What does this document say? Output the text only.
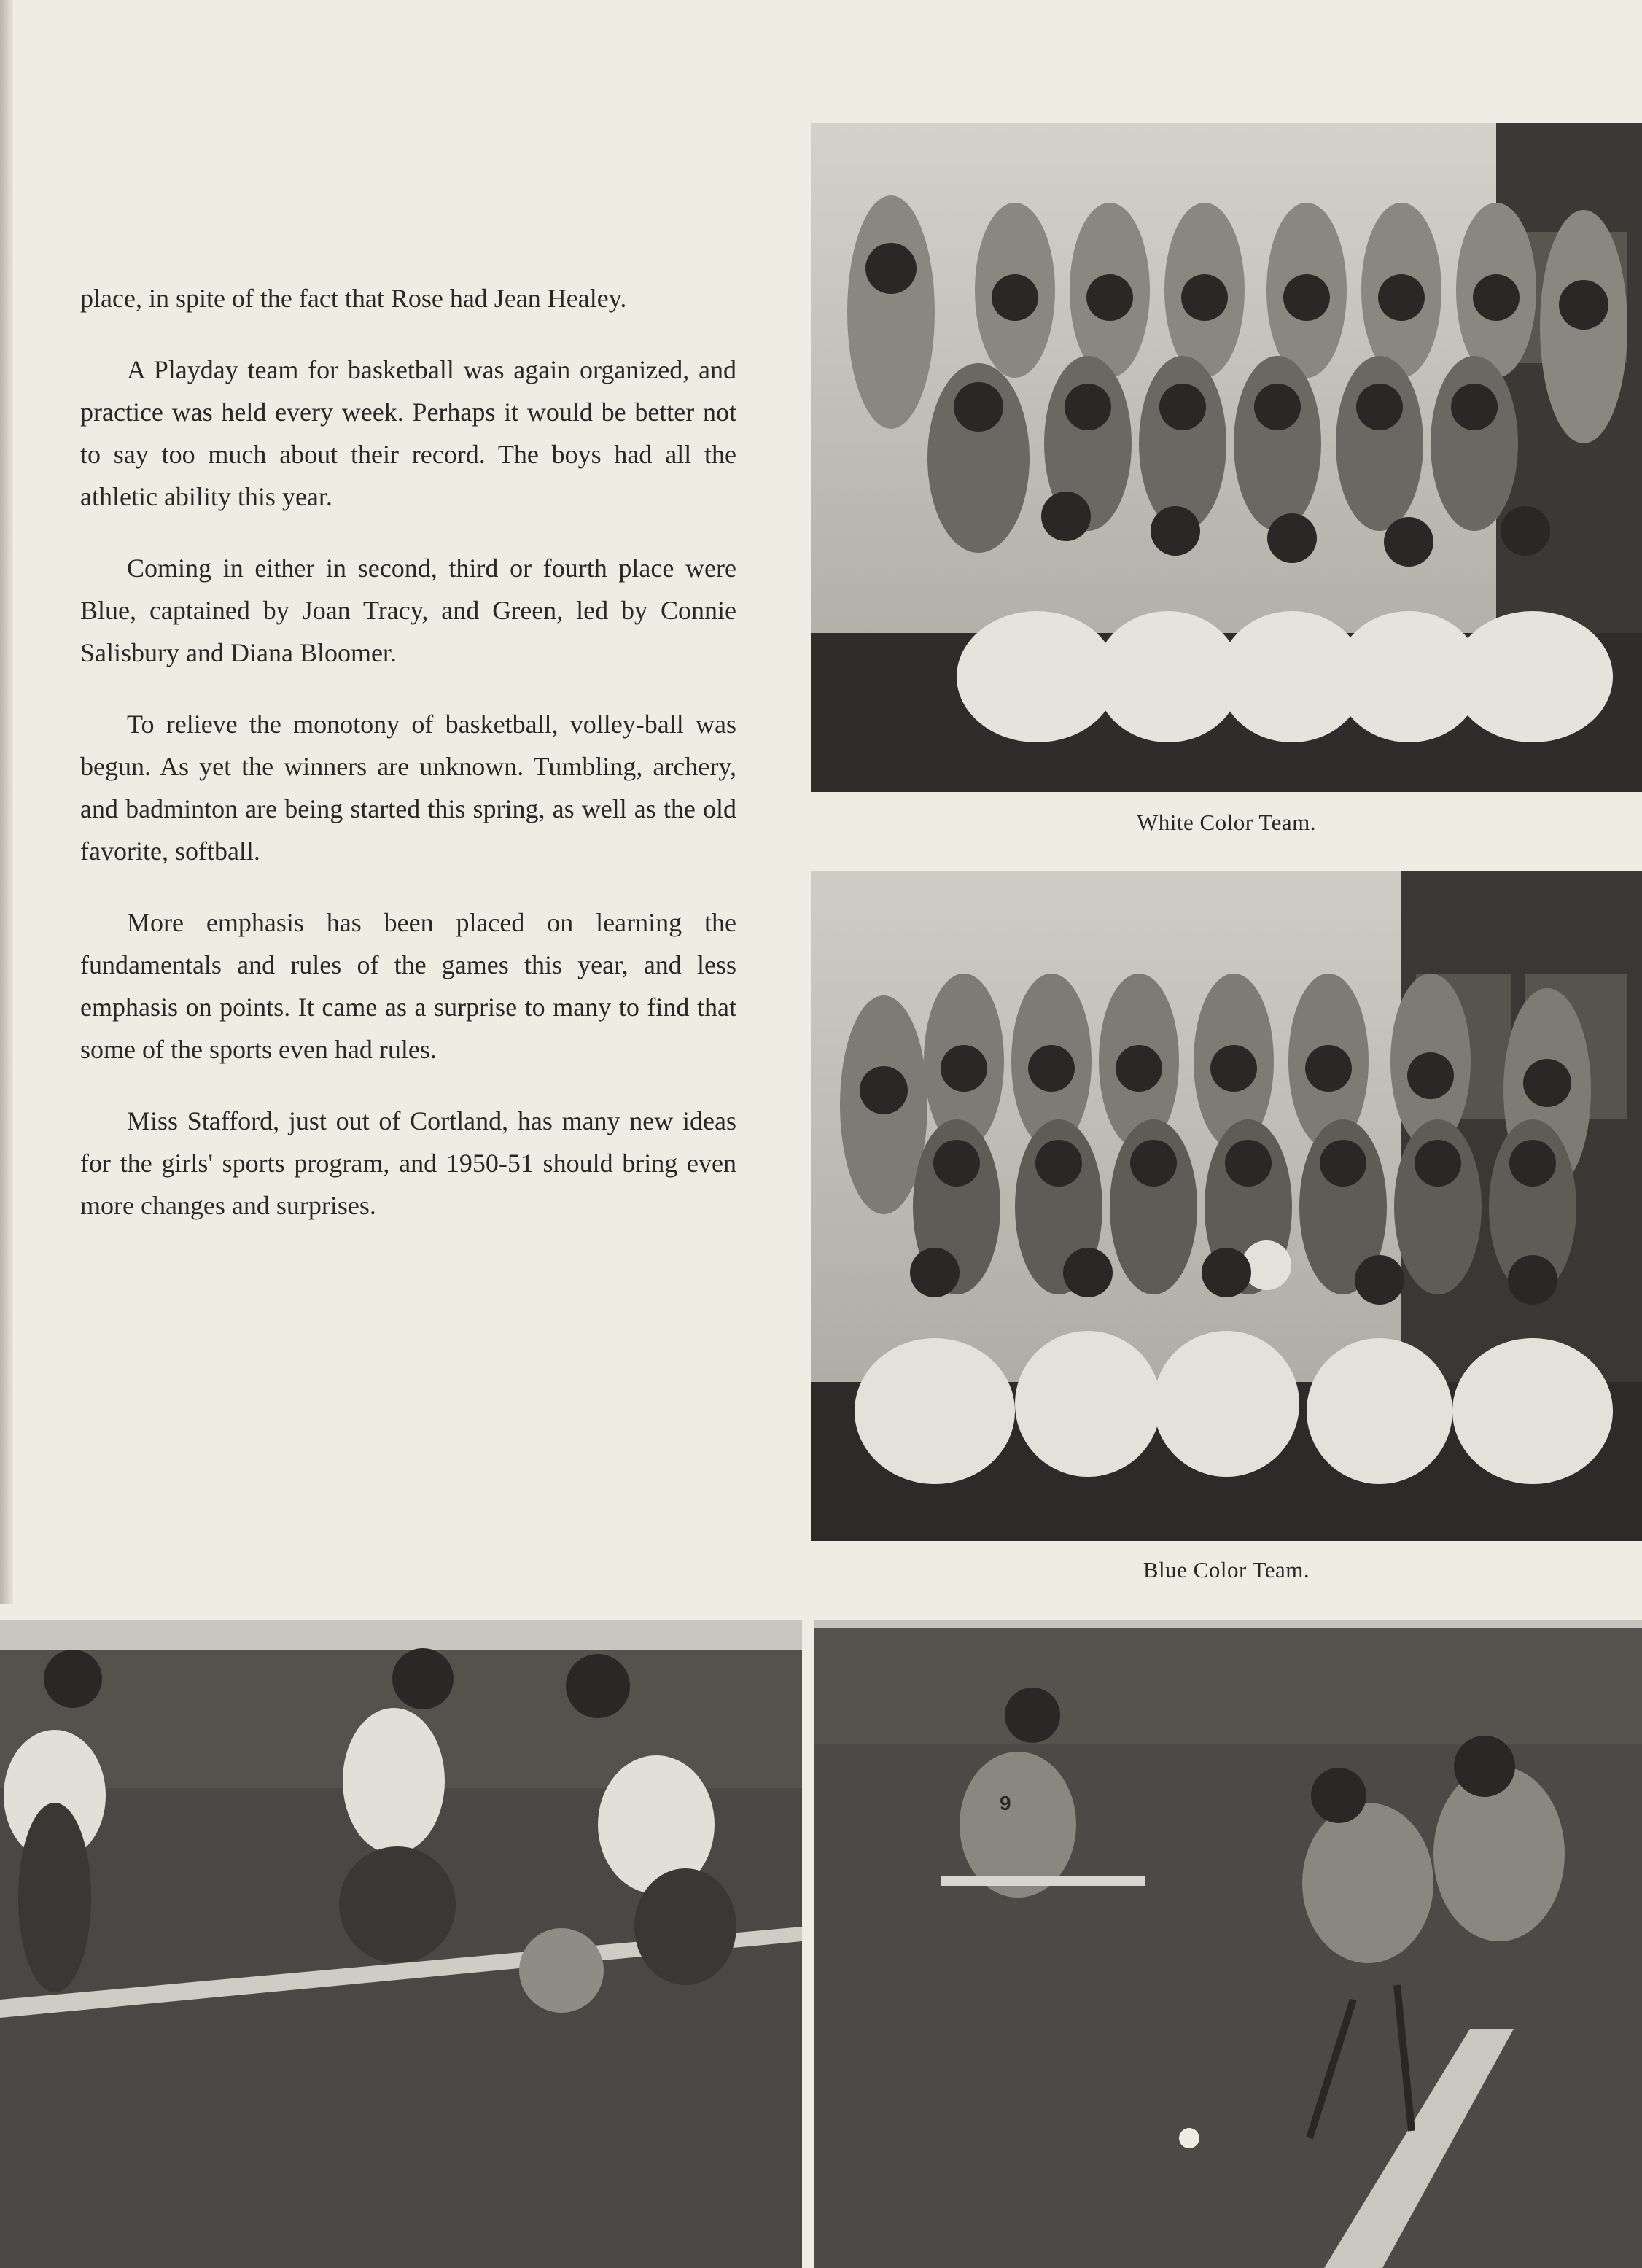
place, in spite of the fact that Rose had Jean Healey.

A Playday team for basketball was again organized, and practice was held every week. Perhaps it would be better not to say too much about their record. The boys had all the athletic ability this year.

Coming in either in second, third or fourth place were Blue, captained by Joan Tracy, and Green, led by Connie Salisbury and Diana Bloomer.

To relieve the monotony of basketball, volley-ball was begun. As yet the winners are unknown. Tumbling, archery, and badminton are being started this spring, as well as the old favorite, softball.

More emphasis has been placed on learning the fundamentals and rules of the games this year, and less emphasis on points. It came as a surprise to many to find that some of the sports even had rules.

Miss Stafford, just out of Cortland, has many new ideas for the girls' sports program, and 1950-51 should bring even more changes and surprises.

White Color Team.
Blue Color Team.
9
